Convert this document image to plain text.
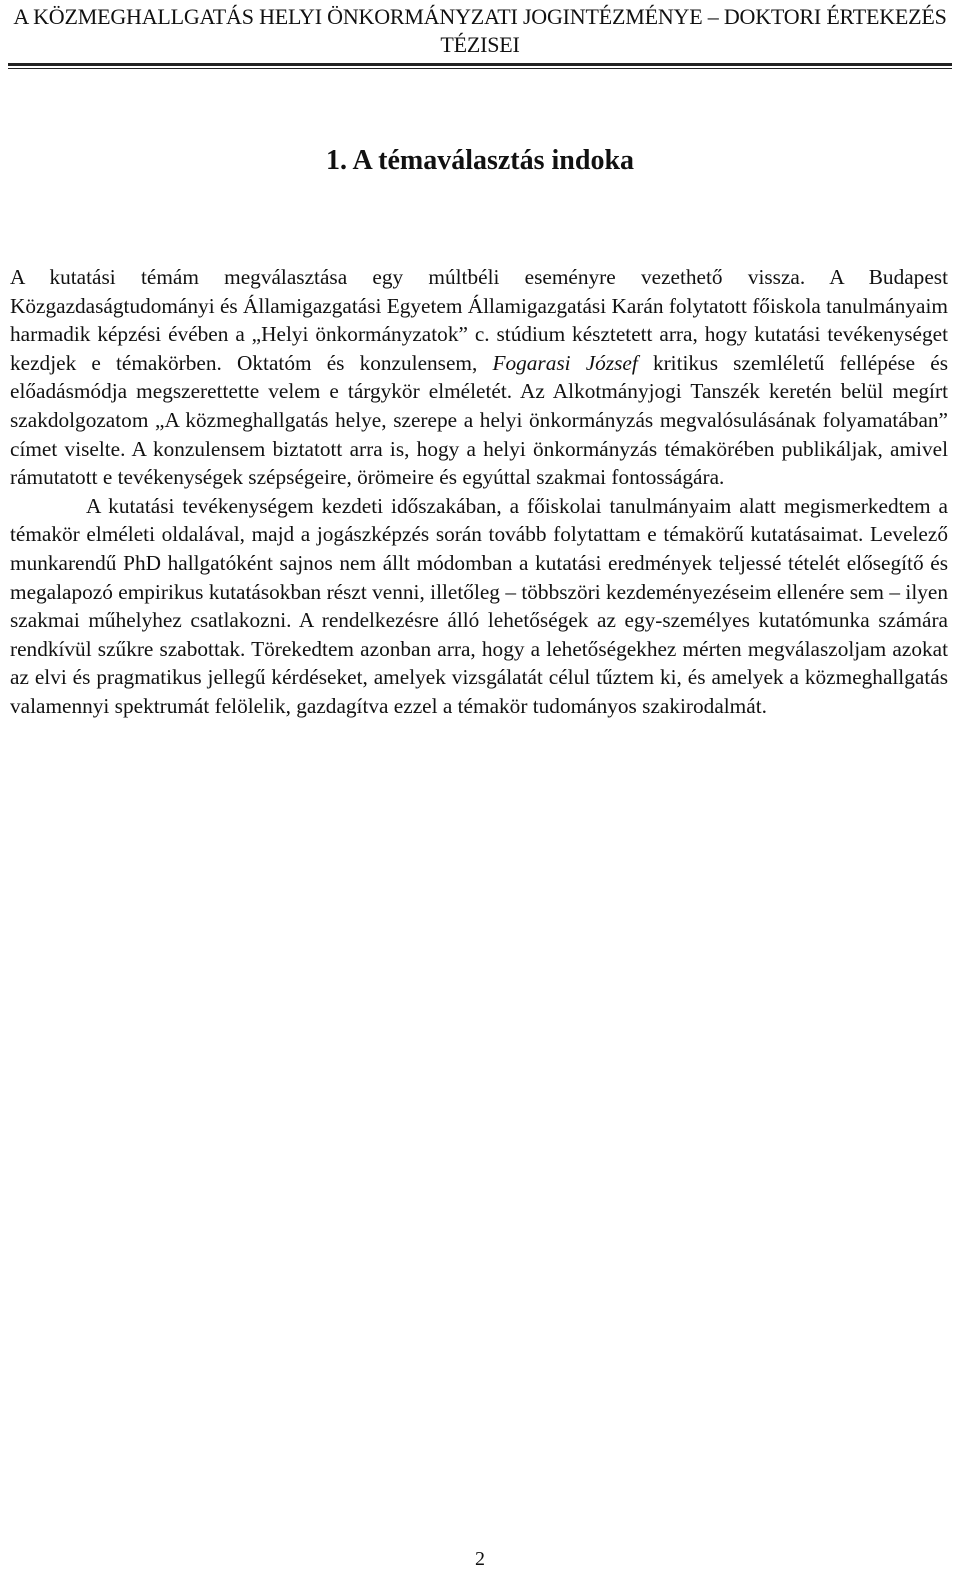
A KÖZMEGHALLGATÁS HELYI ÖNKORMÁNYZATI JOGINTÉZMÉNYE – DOKTORI ÉRTEKEZÉS TÉZISEI
1. A témaválasztás indoka

A kutatási témám megválasztása egy múltbéli eseményre vezethető vissza. A Budapest Közgazdaságtudományi és Államigazgatási Egyetem Államigazgatási Karán folytatott főiskola tanulmányaim harmadik képzési évében a „Helyi önkormányzatok” c. stúdium késztetett arra, hogy kutatási tevékenységet kezdjek e témakörben. Oktatóm és konzulensem, Fogarasi József kritikus szemléletű fellépése és előadásmódja megszerettette velem e tárgykör elméletét. Az Alkotmányjogi Tanszék keretén belül megírt szakdolgozatom „A közmeghallgatás helye, szerepe a helyi önkormányzás megvalósulásának folyamatában” címet viselte. A konzulensem biztatott arra is, hogy a helyi önkormányzás témakörében publikáljak, amivel rámutatott e tevékenységek szépségeire, örömeire és egyúttal szakmai fontosságára.

A kutatási tevékenységem kezdeti időszakában, a főiskolai tanulmányaim alatt megismerkedtem a témakör elméleti oldalával, majd a jogászképzés során tovább folytattam e témakörű kutatásaimat. Levelező munkarendű PhD hallgatóként sajnos nem állt módomban a kutatási eredmények teljessé tételét elősegítő és megalapozó empirikus kutatásokban részt venni, illetőleg – többszöri kezdeményezéseim ellenére sem – ilyen szakmai műhelyhez csatlakozni. A rendelkezésre álló lehetőségek az egy-személyes kutatómunka számára rendkívül szűkre szabottak. Törekedtem azonban arra, hogy a lehetőségekhez mérten megválaszoljam azokat az elvi és pragmatikus jellegű kérdéseket, amelyek vizsgálatát célul tűztem ki, és amelyek a közmeghallgatás valamennyi spektrumát felölelik, gazdagítva ezzel a témakör tudományos szakirodalmát.

2
